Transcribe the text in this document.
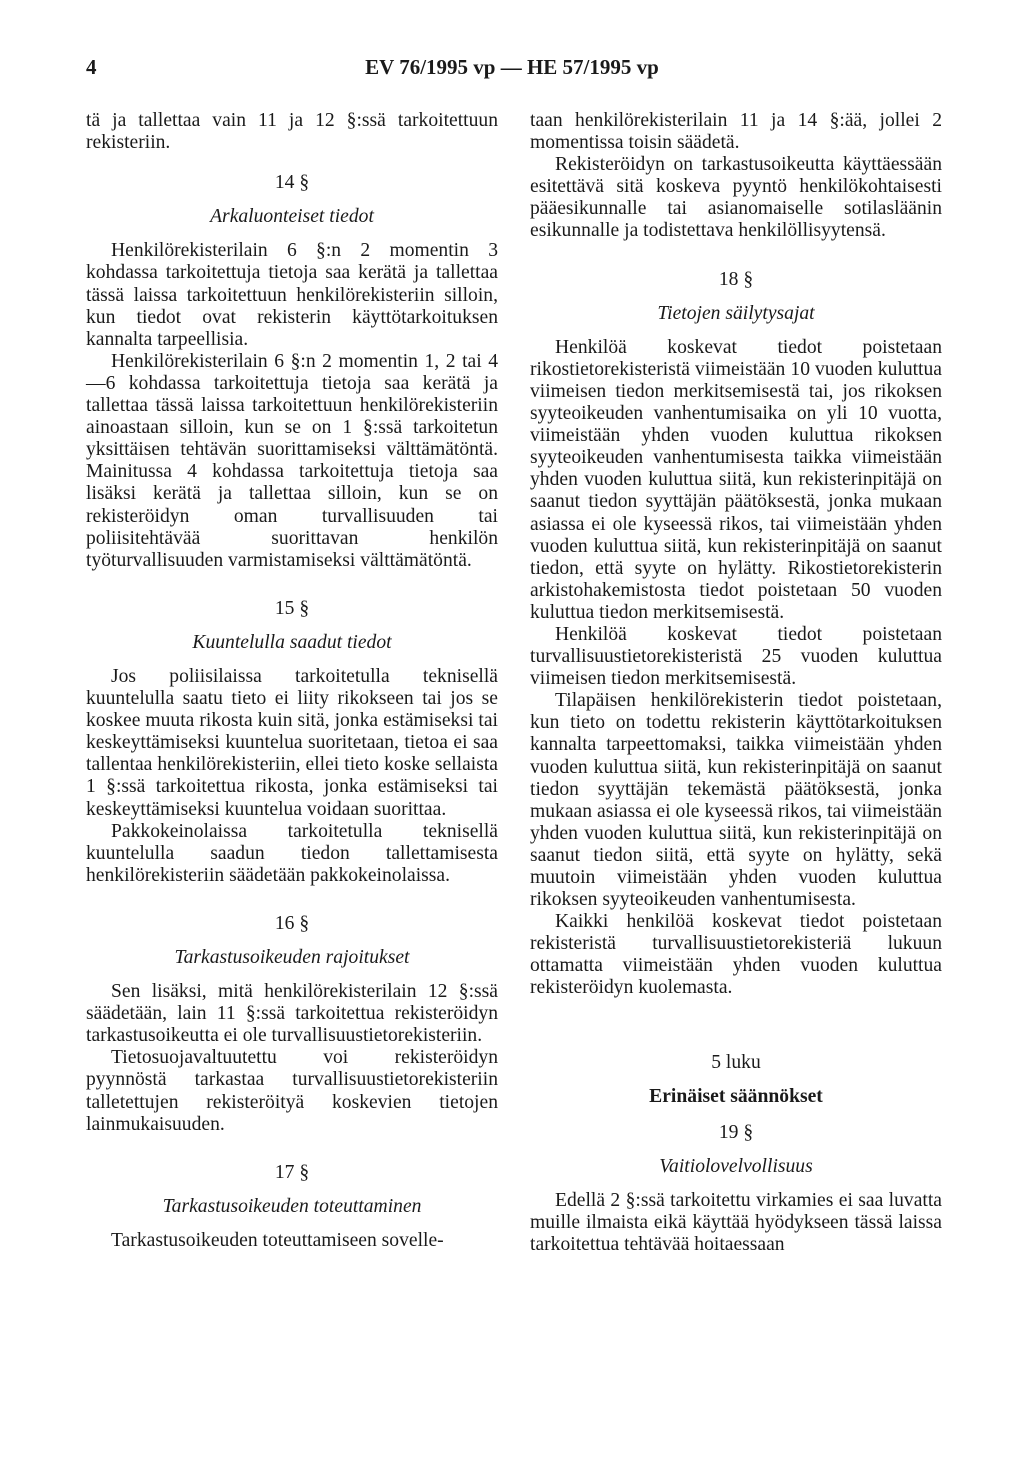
4	EV 76/1995 vp — HE 57/1995 vp

tä ja tallettaa vain 11 ja 12 §:ssä tarkoitettuun rekisteriin.

14 §
Arkaluonteiset tiedot

Henkilörekisterilain 6 §:n 2 momentin 3 kohdassa tarkoitettuja tietoja saa kerätä ja tallettaa tässä laissa tarkoitettuun henkilörekisteriin silloin, kun tiedot ovat rekisterin käyttötarkoituksen kannalta tarpeellisia.

Henkilörekisterilain 6 §:n 2 momentin 1, 2 tai 4—6 kohdassa tarkoitettuja tietoja saa kerätä ja tallettaa tässä laissa tarkoitettuun henkilörekisteriin ainoastaan silloin, kun se on 1 §:ssä tarkoitetun yksittäisen tehtävän suorittamiseksi välttämätöntä. Mainitussa 4 kohdassa tarkoitettuja tietoja saa lisäksi kerätä ja tallettaa silloin, kun se on rekisteröidyn oman turvallisuuden tai poliisitehtävää suorittavan henkilön työturvallisuuden varmistamiseksi välttämätöntä.

15 §
Kuuntelulla saadut tiedot

Jos poliisilaissa tarkoitetulla teknisellä kuuntelulla saatu tieto ei liity rikokseen tai jos se koskee muuta rikosta kuin sitä, jonka estämiseksi tai keskeyttämiseksi kuuntelua suoritetaan, tietoa ei saa tallentaa henkilörekisteriin, ellei tieto koske sellaista 1 §:ssä tarkoitettua rikosta, jonka estämiseksi tai keskeyttämiseksi kuuntelua voidaan suorittaa.

Pakkokeinolaissa tarkoitetulla teknisellä kuuntelulla saadun tiedon tallettamisesta henkilörekisteriin säädetään pakkokeinolaissa.

16 §
Tarkastusoikeuden rajoitukset

Sen lisäksi, mitä henkilörekisterilain 12 §:ssä säädetään, lain 11 §:ssä tarkoitettua rekisteröidyn tarkastusoikeutta ei ole turvallisuustietorekisteriin.

Tietosuojavaltuutettu voi rekisteröidyn pyynnöstä tarkastaa turvallisuustietorekisteriin talletettujen rekisteröityä koskevien tietojen lainmukaisuuden.

17 §
Tarkastusoikeuden toteuttaminen

Tarkastusoikeuden toteuttamiseen sovelle-

taan henkilörekisterilain 11 ja 14 §:ää, jollei 2 momentissa toisin säädetä.

Rekisteröidyn on tarkastusoikeutta käyttäessään esitettävä sitä koskeva pyyntö henkilökohtaisesti pääesikunnalle tai asianomaiselle sotilasläänin esikunnalle ja todistettava henkilöllisyytensä.

18 §
Tietojen säilytysajat

Henkilöä koskevat tiedot poistetaan rikostietorekisteristä viimeistään 10 vuoden kuluttua viimeisen tiedon merkitsemisestä tai, jos rikoksen syyteoikeuden vanhentumisaika on yli 10 vuotta, viimeistään yhden vuoden kuluttua rikoksen syyteoikeuden vanhentumisesta taikka viimeistään yhden vuoden kuluttua siitä, kun rekisterinpitäjä on saanut tiedon syyttäjän päätöksestä, jonka mukaan asiassa ei ole kyseessä rikos, tai viimeistään yhden vuoden kuluttua siitä, kun rekisterinpitäjä on saanut tiedon, että syyte on hylätty. Rikostietorekisterin arkistohakemistosta tiedot poistetaan 50 vuoden kuluttua tiedon merkitsemisestä.

Henkilöä koskevat tiedot poistetaan turvallisuustietorekisteristä 25 vuoden kuluttua viimeisen tiedon merkitsemisestä.

Tilapäisen henkilörekisterin tiedot poistetaan, kun tieto on todettu rekisterin käyttötarkoituksen kannalta tarpeettomaksi, taikka viimeistään yhden vuoden kuluttua siitä, kun rekisterinpitäjä on saanut tiedon syyttäjän tekemästä päätöksestä, jonka mukaan asiassa ei ole kyseessä rikos, tai viimeistään yhden vuoden kuluttua siitä, kun rekisterinpitäjä on saanut tiedon siitä, että syyte on hylätty, sekä muutoin viimeistään yhden vuoden kuluttua rikoksen syyteoikeuden vanhentumisesta.

Kaikki henkilöä koskevat tiedot poistetaan rekisteristä turvallisuustietorekisteriä lukuun ottamatta viimeistään yhden vuoden kuluttua rekisteröidyn kuolemasta.

5 luku
Erinäiset säännökset
19 §
Vaitiolovelvollisuus

Edellä 2 §:ssä tarkoitettu virkamies ei saa luvatta muille ilmaista eikä käyttää hyödykseen tässä laissa tarkoitettua tehtävää hoitaessaan
